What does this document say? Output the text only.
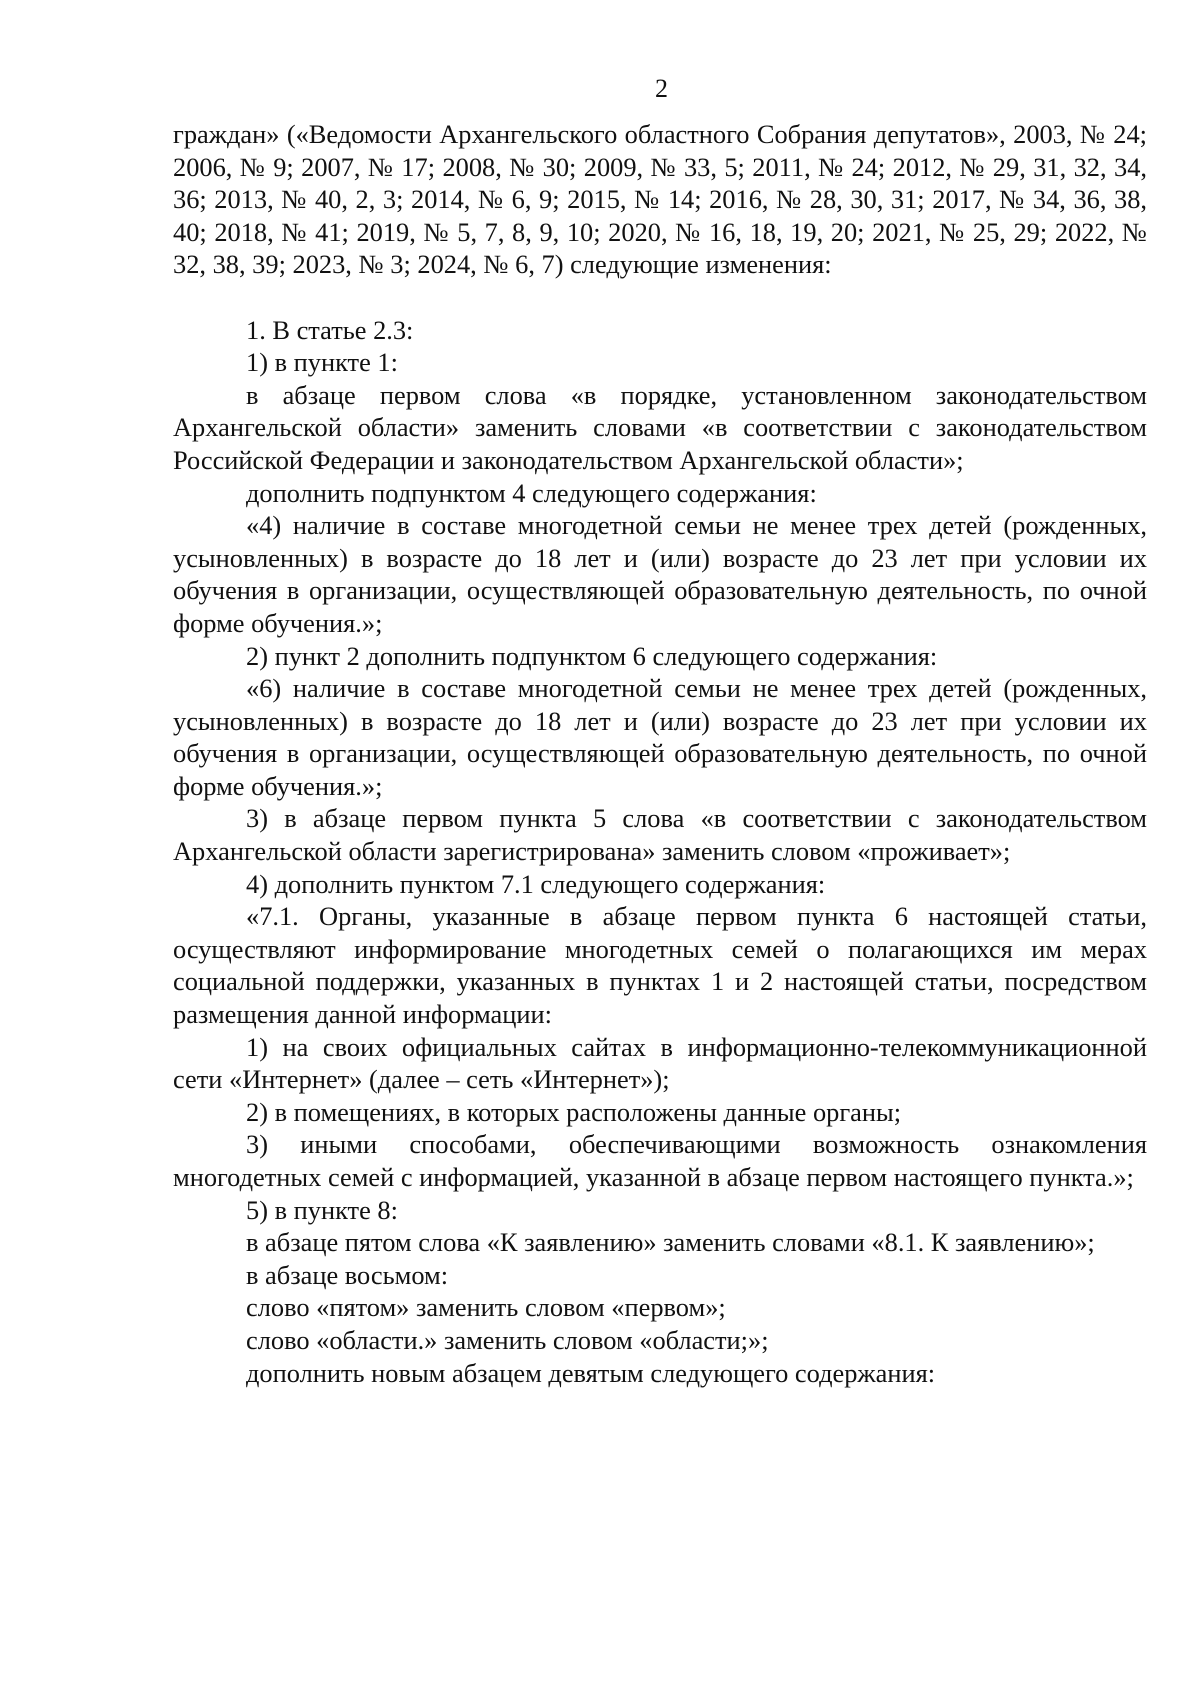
2

граждан» («Ведомости Архангельского областного Собрания депутатов», 2003, № 24; 2006, № 9; 2007, № 17; 2008, № 30; 2009, № 33, 5; 2011, № 24; 2012, № 29, 31, 32, 34, 36; 2013, № 40, 2, 3; 2014, № 6, 9; 2015, № 14; 2016, № 28, 30, 31; 2017, № 34, 36, 38, 40; 2018, № 41; 2019, № 5, 7, 8, 9, 10; 2020, № 16, 18, 19, 20; 2021, № 25, 29; 2022, № 32, 38, 39; 2023, № 3; 2024, № 6, 7) следующие изменения:

1. В статье 2.3:

1) в пункте 1:

в абзаце первом слова «в порядке, установленном законодательством Архангельской области» заменить словами «в соответствии с законодательством Российской Федерации и законодательством Архангельской области»;

дополнить подпунктом 4 следующего содержания:

«4) наличие в составе многодетной семьи не менее трех детей (рожденных, усыновленных) в возрасте до 18 лет и (или) возрасте до 23 лет при условии их обучения в организации, осуществляющей образовательную деятельность, по очной форме обучения.»;

2) пункт 2 дополнить подпунктом 6 следующего содержания:

«6) наличие в составе многодетной семьи не менее трех детей (рожденных, усыновленных) в возрасте до 18 лет и (или) возрасте до 23 лет при условии их обучения в организации, осуществляющей образовательную деятельность, по очной форме обучения.»;

3) в абзаце первом пункта 5 слова «в соответствии с законодательством Архангельской области зарегистрирована» заменить словом «проживает»;

4) дополнить пунктом 7.1 следующего содержания:

«7.1. Органы, указанные в абзаце первом пункта 6 настоящей статьи, осуществляют информирование многодетных семей о полагающихся им мерах социальной поддержки, указанных в пунктах 1 и 2 настоящей статьи, посредством размещения данной информации:

1) на своих официальных сайтах в информационно-телекоммуникационной сети «Интернет» (далее – сеть «Интернет»);

2) в помещениях, в которых расположены данные органы;

3) иными способами, обеспечивающими возможность ознакомления многодетных семей с информацией, указанной в абзаце первом настоящего пункта.»;

5) в пункте 8:

в абзаце пятом слова «К заявлению» заменить словами «8.1. К заявлению»;

в абзаце восьмом:

слово «пятом» заменить словом «первом»;

слово «области.» заменить словом «области;»;

дополнить новым абзацем девятым следующего содержания:
